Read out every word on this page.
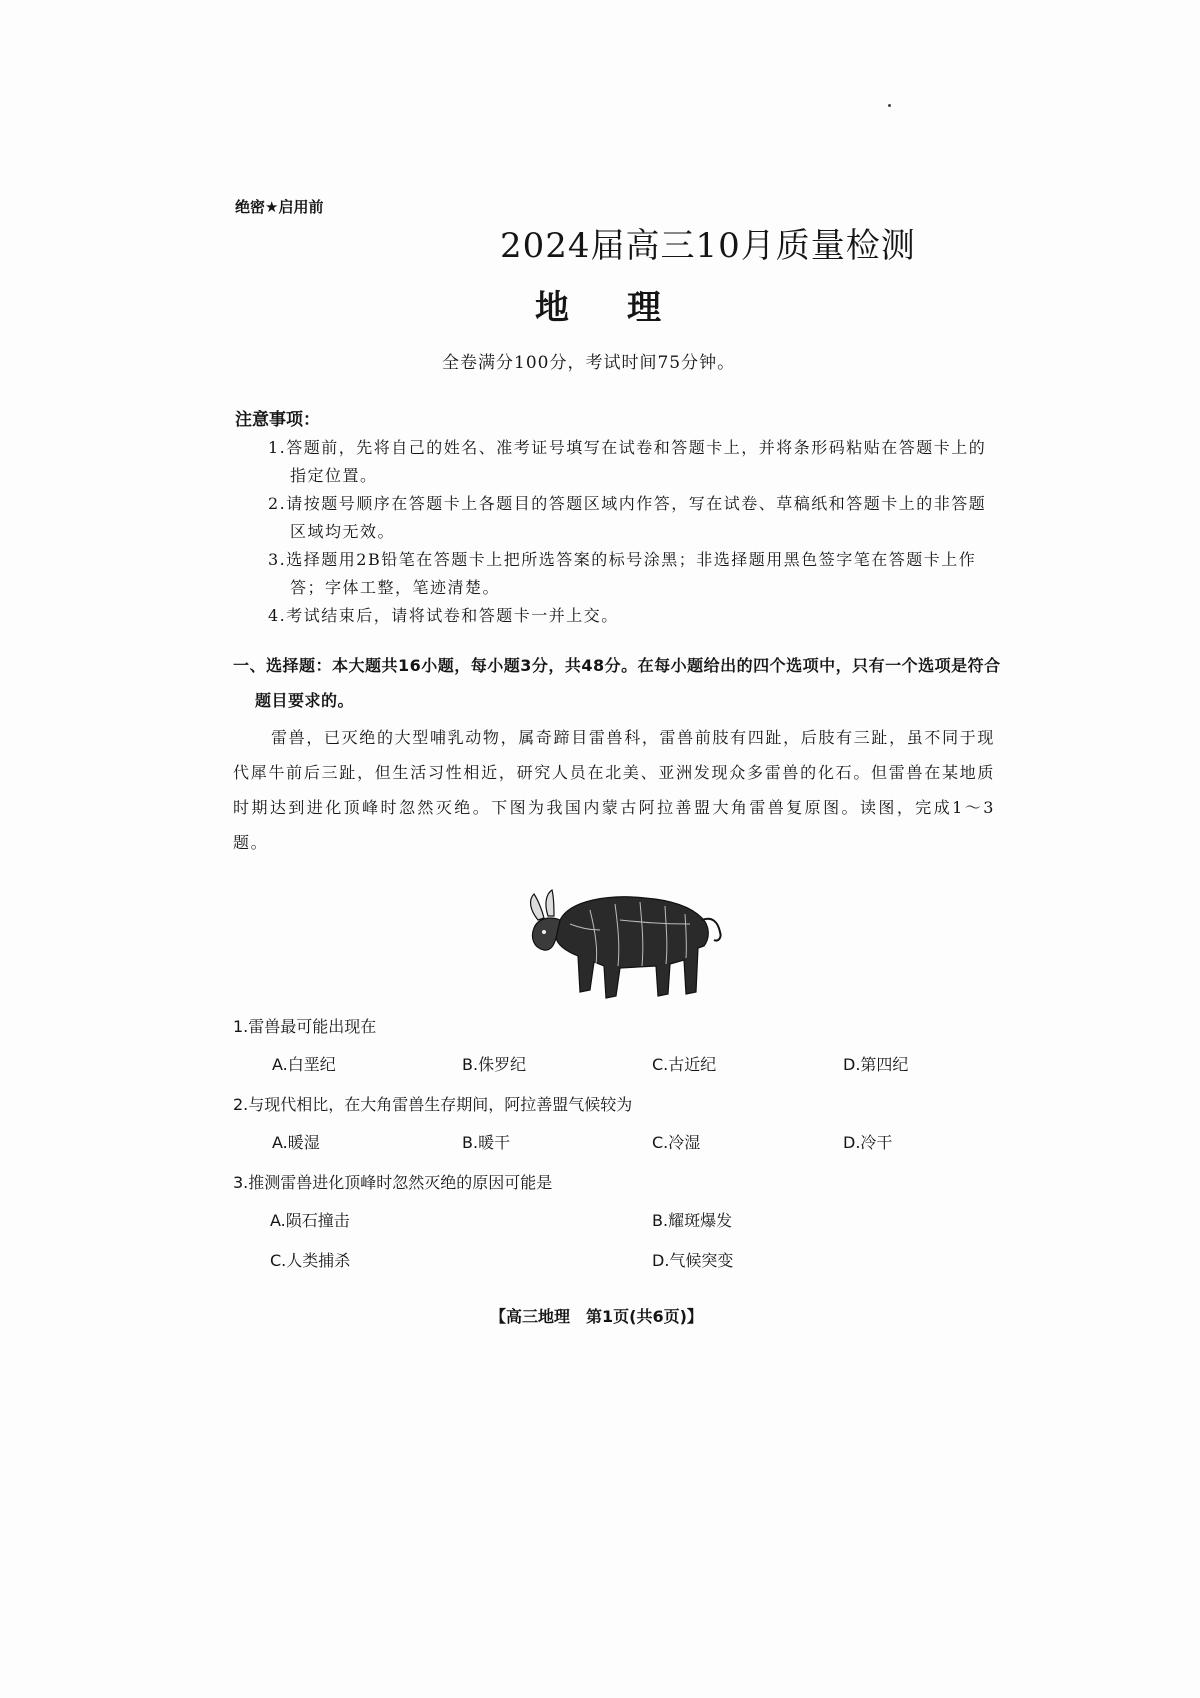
绝密★启用前
2024届高三10月质量检测
地理
全卷满分100分，考试时间75分钟。
注意事项：
1.答题前，先将自己的姓名、准考证号填写在试卷和答题卡上，并将条形码粘贴在答题卡上的指定位置。
2.请按题号顺序在答题卡上各题目的答题区域内作答，写在试卷、草稿纸和答题卡上的非答题区域均无效。
3.选择题用2B铅笔在答题卡上把所选答案的标号涂黑；非选择题用黑色签字笔在答题卡上作答；字体工整，笔迹清楚。
4.考试结束后，请将试卷和答题卡一并上交。
一、选择题：本大题共16小题，每小题3分，共48分。在每小题给出的四个选项中，只有一个选项是符合题目要求的。
雷兽，已灭绝的大型哺乳动物，属奇蹄目雷兽科，雷兽前肢有四趾，后肢有三趾，虽不同于现代犀牛前后三趾，但生活习性相近，研究人员在北美、亚洲发现众多雷兽的化石。但雷兽在某地质时期达到进化顶峰时忽然灭绝。下图为我国内蒙古阿拉善盟大角雷兽复原图。读图，完成1～3题。
1.雷兽最可能出现在
A.白垩纪	B.侏罗纪	C.古近纪	D.第四纪
2.与现代相比，在大角雷兽生存期间，阿拉善盟气候较为
A.暖湿	B.暖干	C.冷湿	D.冷干
3.推测雷兽进化顶峰时忽然灭绝的原因可能是
A.陨石撞击	B.耀斑爆发
C.人类捕杀	D.气候突变
【高三地理　第1页(共6页)】
